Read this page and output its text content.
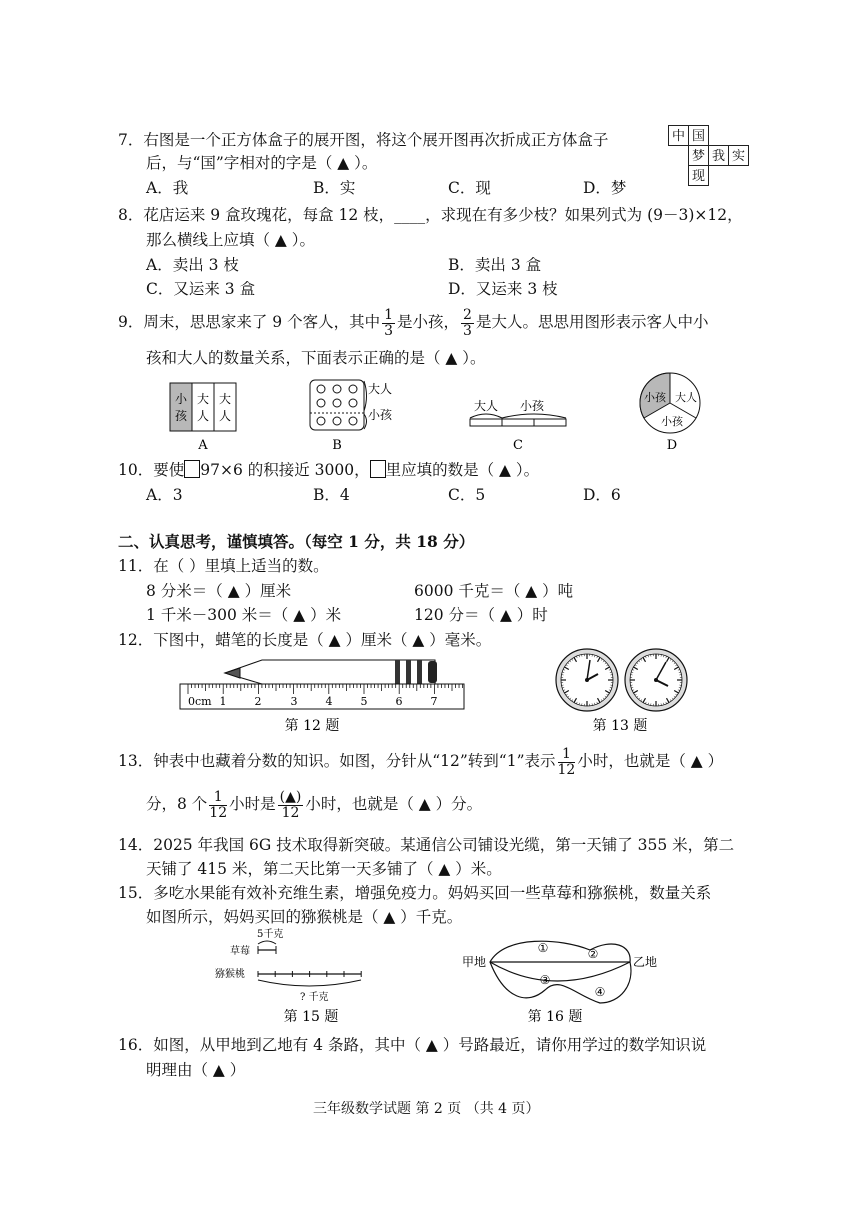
7．右图是一个正方体盒子的展开图，将这个展开图再次折成正方体盒子
后，与“国”字相对的字是（ ▲ ）。
A．我	B．实	C．现	D．梦
中 国
梦 我 实
现
8．花店运来 9 盒玫瑰花，每盒 12 枝，____，求现在有多少枝？如果列式为 (9－3)×12，
那么横线上应填（ ▲ ）。
A．卖出 3 枝	B．卖出 3 盒
C．又运来 3 盒	D．又运来 3 枝
9．周末，思思家来了 9 个客人，其中 $\frac{1}{3}$ 是小孩， $\frac{2}{3}$ 是大人。思思用图形表示客人中小
孩和大人的数量关系，下面表示正确的是（ ▲ ）。
小
孩
大
人
大
人
A
大人
小孩
B
大人 小孩
C
小孩 大人
小孩
D
10．要使 97×6 的积接近 3000， 里应填的数是（ ▲ ）。
A．3	B．4	C．5	D．6
二、认真思考，谨慎填答。（每空 1 分，共 18 分）
11．在（ ）里填上适当的数。
8 分米＝（ ▲ ）厘米	6000 千克＝（ ▲ ）吨
1 千米－300 米＝（ ▲ ）米	120 分＝（ ▲ ）时
12．下图中，蜡笔的长度是（ ▲ ）厘米（ ▲ ）毫米。
0cm 1	2	3	4	5	6	7
第 12 题	第 13 题
13．钟表中也藏着分数的知识。如图，分针从“12”转到“1”表示 $\frac{1}{12}$ 小时，也就是（ ▲ ）
分，8 个 $\frac{1}{12}$ 小时是 $\frac{(▲)}{12}$ 小时，也就是（ ▲ ）分。
14．2025 年我国 6G 技术取得新突破。某通信公司铺设光缆，第一天铺了 355 米，第二
天铺了 415 米，第二天比第一天多铺了（ ▲ ）米。
15．多吃水果能有效补充维生素，增强免疫力。妈妈买回一些草莓和猕猴桃，数量关系
如图所示，妈妈买回的猕猴桃是（ ▲ ）千克。
5千克
草莓
猕猴桃
? 千克
第 15 题
甲地	乙地
①	②
③
④
第 16 题
16．如图，从甲地到乙地有 4 条路，其中（ ▲ ）号路最近，请你用学过的数学知识说
明理由（ ▲ ）
三年级数学试题 第 2 页 （共 4 页）
